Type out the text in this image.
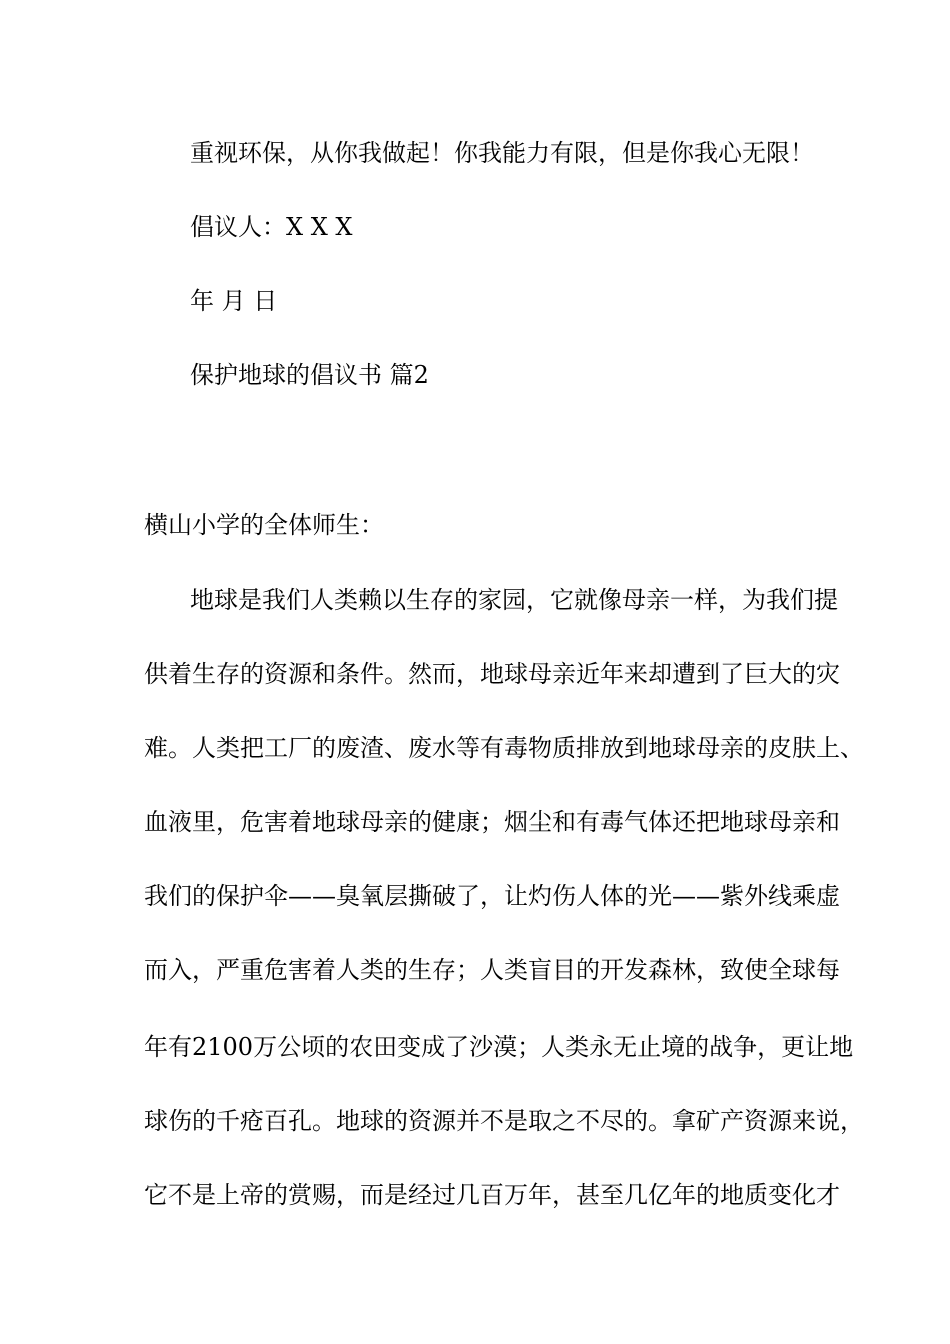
重视环保，从你我做起！你我能力有限，但是你我心无限！
倡议人：X X X
年 月 日
保护地球的倡议书 篇2
横山小学的全体师生：
地球是我们人类赖以生存的家园，它就像母亲一样，为我们提
供着生存的资源和条件。然而，地球母亲近年来却遭到了巨大的灾
难。人类把工厂的废渣、废水等有毒物质排放到地球母亲的皮肤上、
血液里，危害着地球母亲的健康；烟尘和有毒气体还把地球母亲和
我们的保护伞——臭氧层撕破了，让灼伤人体的光——紫外线乘虚
而入，严重危害着人类的生存；人类盲目的开发森林，致使全球每
年有2100万公顷的农田变成了沙漠；人类永无止境的战争，更让地
球伤的千疮百孔。地球的资源并不是取之不尽的。拿矿产资源来说，
它不是上帝的赏赐，而是经过几百万年，甚至几亿年的地质变化才
